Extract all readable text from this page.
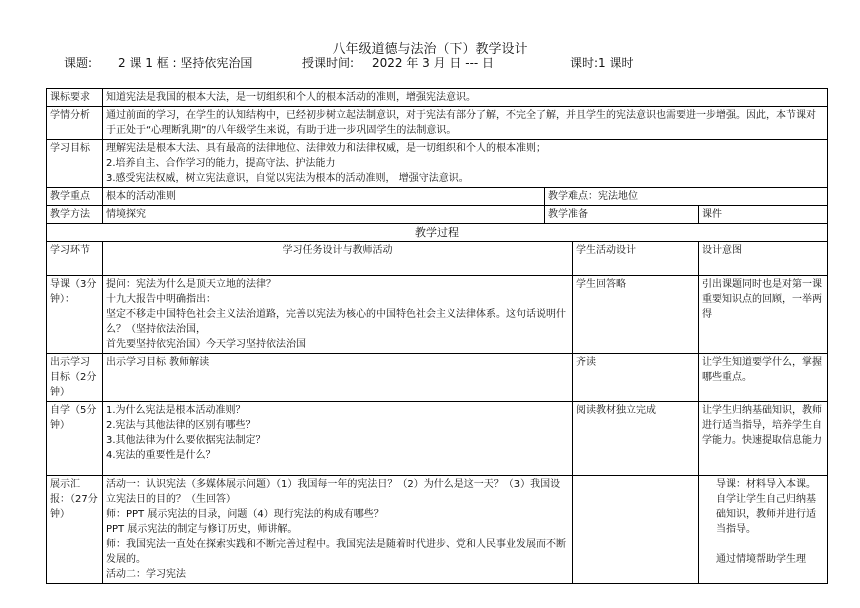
八年级道德与法治（下）教学设计
课题: 2 课 1 框 : 坚持依宪治国	授课时间: 2022 年 3 月 日 --- 日	课时:1 课时
课标要求	知道宪法是我国的根本大法，是一切组织和个人的根本活动的准则，增强宪法意识。			
学情分析	通过前面的学习，在学生的认知结构中，已经初步树立起法制意识，对于宪法有部分了解，不完全了解，并且学生的宪法意识也需要进一步增强。因此，本节课对于正处于“心理断乳期”的八年级学生来说，有助于进一步巩固学生的法制意识。			
学习目标	理解宪法是根本大法、具有最高的法律地位、法律效力和法律权威，是一切组织和个人的根本准则；
2.培养自主、合作学习的能力，提高守法、护法能力
3.感受宪法权威，树立宪法意识，自觉以宪法为根本的活动准则， 增强守法意识。			

教学重点	根本的活动准则	教学难点：宪法地位		
教学方法	情境探究	教学准备		课件
教学过程				
学习环节	学习任务设计与教师活动		学生活动设计	设计意图
导课（3分钟）：	提问：宪法为什么是顶天立地的法律？
十九大报告中明确指出：
坚定不移走中国特色社会主义法治道路，完善以宪法为核心的中国特色社会主义法律体系。这句话说明什么？（坚持依法治国，
首先要坚持依宪治国）今天学习坚持依法治国		学生回答略	引出课题同时也是对第一课重要知识点的回顾，一举两得
出示学习目标（2分钟）	出示学习目标 教师解读		齐读	让学生知道要学什么，掌握哪些重点。
自学（5分钟）	1.为什么宪法是根本活动准则？
2.宪法与其他法律的区别有哪些？
3.其他法律为什么要依据宪法制定？
4.宪法的重要性是什么？		阅读教材独立完成	让学生归纳基础知识，教师进行适当指导，培养学生自学能力。快速提取信息能力
展示汇报：（27分钟）	活动一：认识宪法（多媒体展示问题）（1）我国每一年的宪法日？（2）为什么是这一天？（3）我国设立宪法日的目的？（生回答）
师：PPT 展示宪法的目录，问题（4）现行宪法的构成有哪些？
PPT 展示宪法的制定与修订历史，师讲解。
师：我国宪法一直处在探索实践和不断完善过程中。我国宪法是随着时代进步、党和人民事业发展而不断发展的。
活动二：学习宪法			导课：材料导入本课。自学让学生自己归纳基础知识，教师并进行适当指导。
通过情境帮助学生理
